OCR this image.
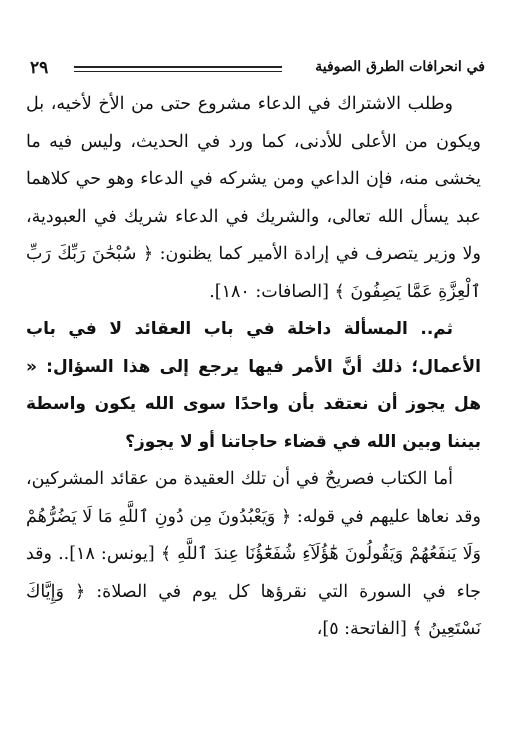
٢٩	في انحرافات الطرق الصوفية

وطلب الاشتراك في الدعاء مشروع حتى من الأخ لأخيه، بل ويكون من الأعلى للأدنى، كما ورد في الحديث، وليس فيه ما يخشى منه، فإن الداعي ومن يشركه في الدعاء وهو حي كلاهما عبد يسأل الله تعالى، والشريك في الدعاء شريك في العبودية، ولا وزير يتصرف في إرادة الأمير كما يظنون: ﴿ سُبْحَٰنَ رَبِّكَ رَبِّ ٱلْعِزَّةِ عَمَّا يَصِفُونَ ﴾ [الصافات: ١٨٠].

ثم.. المسألة داخلة في باب العقائد لا في باب الأعمال؛ ذلك أنَّ الأمر فيها يرجع إلى هذا السؤال: « هل يجوز أن نعتقد بأن واحدًا سوى الله يكون واسطة بيننا وبين الله في قضاء حاجاتنا أو لا يجوز؟

أما الكتاب فصريحٌ في أن تلك العقيدة من عقائد المشركين، وقد نعاها عليهم في قوله: ﴿ وَيَعْبُدُونَ مِن دُونِ ٱللَّهِ مَا لَا يَضُرُّهُمْ وَلَا يَنفَعُهُمْ وَيَقُولُونَ هَٰٓؤُلَآءِ شُفَعَٰٓؤُنَا عِندَ ٱللَّهِ ﴾ [يونس: ١٨].. وقد جاء في السورة التي نقرؤها كل يوم في الصلاة: ﴿ وَإِيَّاكَ نَسْتَعِينُ ﴾ [الفاتحة: ٥]،
